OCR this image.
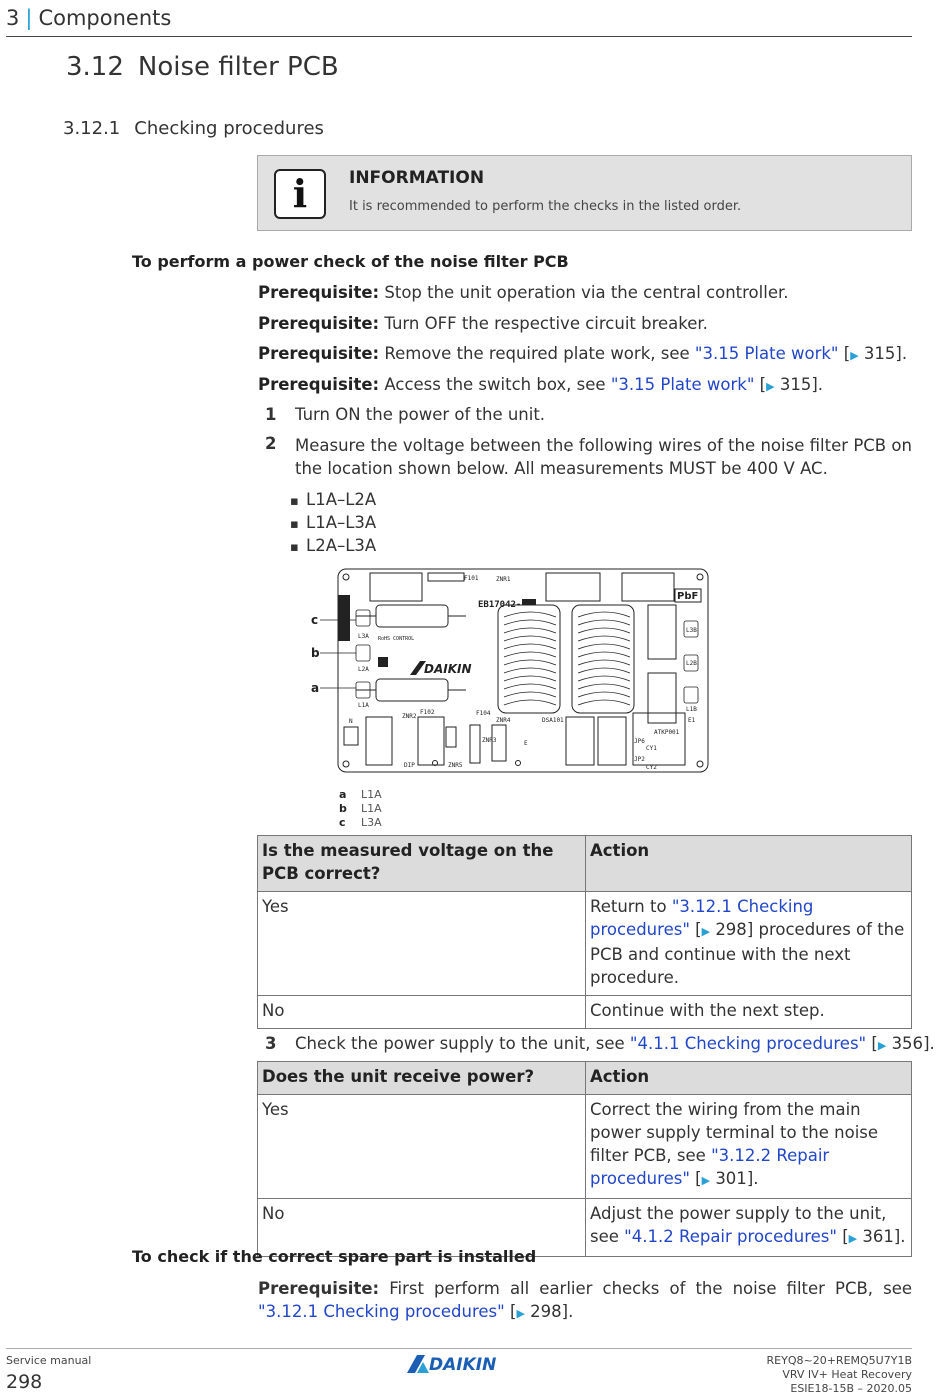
3 | Components
3.12 Noise filter PCB
3.12.1 Checking procedures
i	INFORMATION
It is recommended to perform the checks in the listed order.
To perform a power check of the noise filter PCB
Prerequisite: Stop the unit operation via the central controller.
Prerequisite: Turn OFF the respective circuit breaker.
Prerequisite: Remove the required plate work, see "3.15 Plate work" [▶ 315].
Prerequisite: Access the switch box, see "3.15 Plate work" [▶ 315].
1 Turn ON the power of the unit.
2 Measure the voltage between the following wires of the noise filter PCB on the location shown below. All measurements MUST be 400 V AC.
▪ L1A–L2A
▪ L1A–L3A
▪ L2A–L3A
L3A
L2A
L1A
L3B
L2B
L1B
ZNR1
ZNR2
ZNR3
ZNR4
ZNR5
F101
F102	F104
RoHS CONTROL
DSA101
ATKP001
E1
N
E
DIP
CY1
CY2
JP6
JP2
EB17042-
PbF
DAIKIN
c
b
a
a L1A
b L1A
c L3A
Is the measured voltage on the PCB correct?	Action
Yes	Return to "3.12.1 Checking procedures" [▶ 298] procedures of the PCB and continue with the next procedure.
No	Continue with the next step.
3 Check the power supply to the unit, see "4.1.1 Checking procedures" [▶ 356].
Does the unit receive power?	Action
Yes	Correct the wiring from the main power supply terminal to the noise filter PCB, see "3.12.2 Repair procedures" [▶ 301].
No	Adjust the power supply to the unit, see "4.1.2 Repair procedures" [▶ 361].
To check if the correct spare part is installed
Prerequisite: First perform all earlier checks of the noise filter PCB, see "3.12.1 Checking procedures" [▶ 298].
Service manual
298
DAIKIN	REYQ8~20+REMQ5U7Y1B
VRV IV+ Heat Recovery
ESIE18-15B – 2020.05
